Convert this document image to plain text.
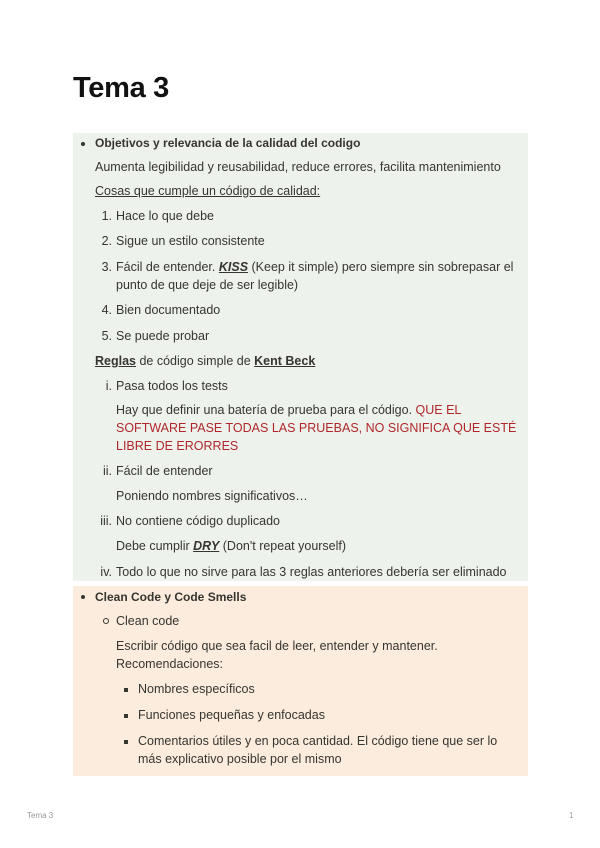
Tema 3
Objetivos y relevancia de la calidad del codigo
Aumenta legibilidad y reusabilidad, reduce errores, facilita mantenimiento
Cosas que cumple un código de calidad:
1. Hace lo que debe
2. Sigue un estilo consistente
3. Fácil de entender. KISS (Keep it simple) pero siempre sin sobrepasar el
punto de que deje de ser legible)
4. Bien documentado
5. Se puede probar
Reglas de código simple de Kent Beck
i. Pasa todos los tests
Hay que definir una batería de prueba para el código. QUE EL
SOFTWARE PASE TODAS LAS PRUEBAS, NO SIGNIFICA QUE ESTÉ
LIBRE DE ERORRES
ii. Fácil de entender
Poniendo nombres significativos…
iii. No contiene código duplicado
Debe cumplir DRY (Don't repeat yourself)
iv. Todo lo que no sirve para las 3 reglas anteriores debería ser eliminado
Clean Code y Code Smells
Clean code
Escribir código que sea facil de leer, entender y mantener.
Recomendaciones:
Nombres específicos
Funciones pequeñas y enfocadas
Comentarios útiles y en poca cantidad. El código tiene que ser lo
más explicativo posible por el mismo
Tema 3	1
